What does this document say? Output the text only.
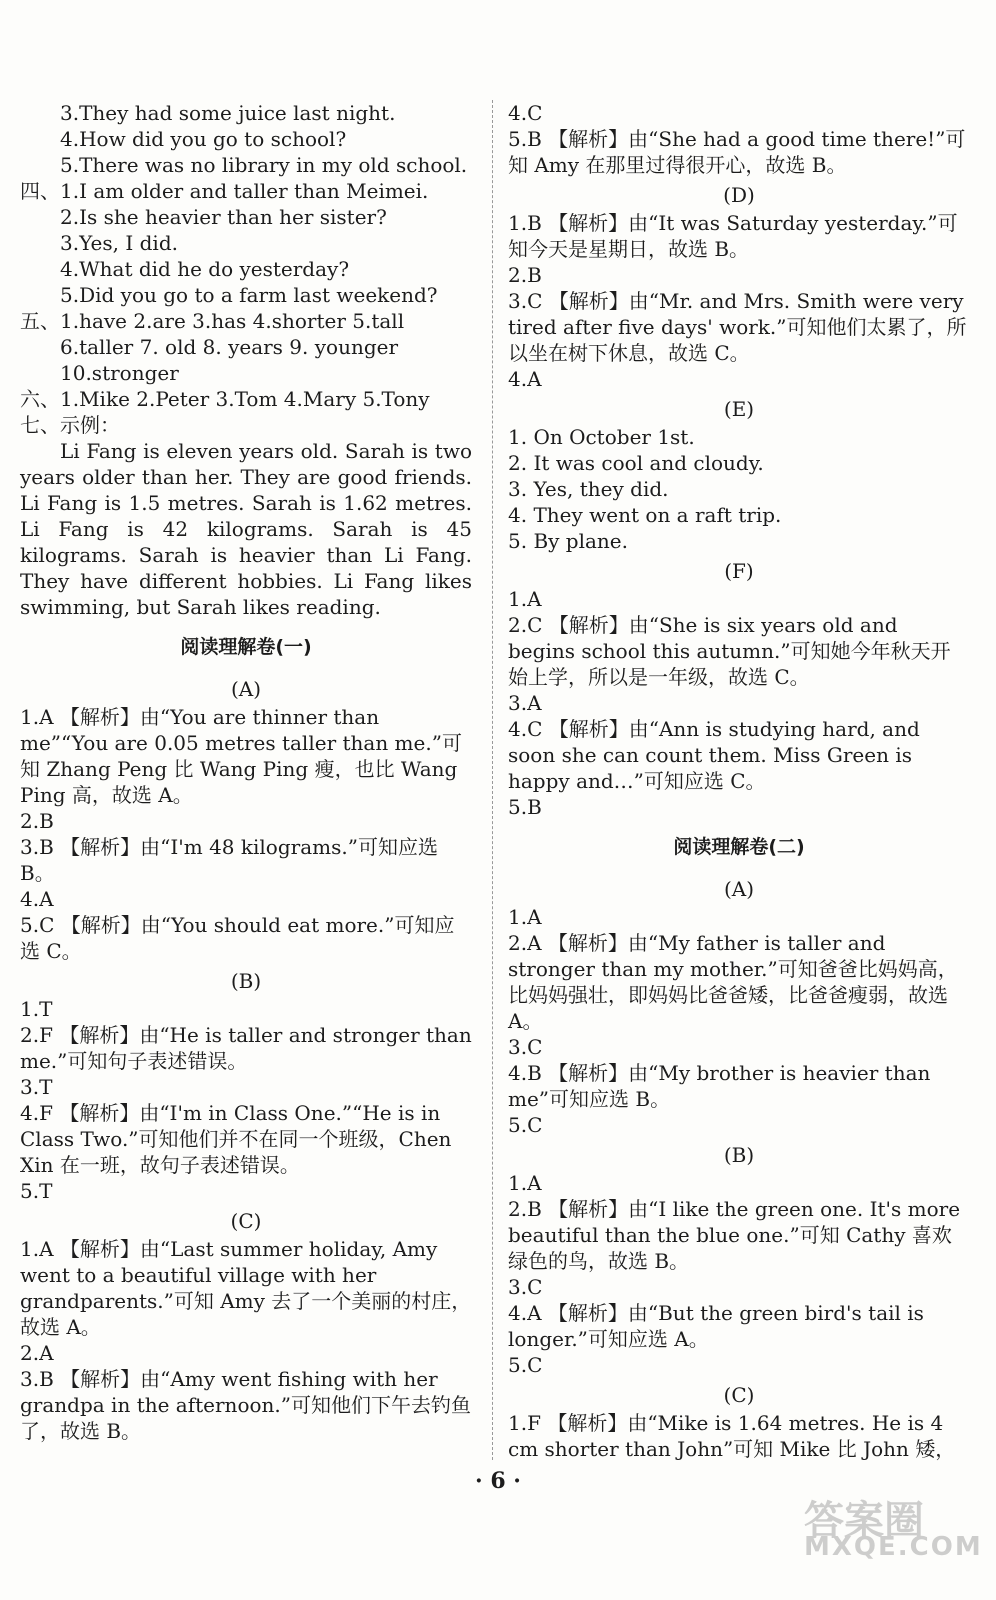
3.They had some juice last night.
4.How did you go to school?
5.There was no library in my old school.
四、1.I am older and taller than Meimei.
2.Is she heavier than her sister?
3.Yes, I did.
4.What did he do yesterday?
5.Did you go to a farm last weekend?
五、1.have 2.are 3.has 4.shorter 5.tall
6.taller 7. old 8. years 9. younger
10.stronger
六、1.Mike 2.Peter 3.Tom 4.Mary 5.Tony
七、示例：

Li Fang is eleven years old. Sarah is two years older than her. They are good friends. Li Fang is 1.5 metres. Sarah is 1.62 metres. Li Fang is 42 kilograms. Sarah is 45 kilograms. Sarah is heavier than Li Fang. They have different hobbies. Li Fang likes swimming, but Sarah likes reading.

阅读理解卷(一)
(A)
1.A 【解析】由“You are thinner than me”“You are 0.05 metres taller than me.”可知 Zhang Peng 比 Wang Ping 瘦，也比 Wang Ping 高，故选 A。
2.B
3.B 【解析】由“I'm 48 kilograms.”可知应选 B。
4.A
5.C 【解析】由“You should eat more.”可知应选 C。
(B)
1.T
2.F 【解析】由“He is taller and stronger than me.”可知句子表述错误。
3.T
4.F 【解析】由“I'm in Class One.”“He is in Class Two.”可知他们并不在同一个班级，Chen Xin 在一班，故句子表述错误。
5.T
(C)
1.A 【解析】由“Last summer holiday, Amy went to a beautiful village with her grandparents.”可知 Amy 去了一个美丽的村庄，故选 A。
2.A
3.B 【解析】由“Amy went fishing with her grandpa in the afternoon.”可知他们下午去钓鱼了，故选 B。
4.C
5.B 【解析】由“She had a good time there!”可知 Amy 在那里过得很开心，故选 B。
(D)
1.B 【解析】由“It was Saturday yesterday.”可知今天是星期日，故选 B。
2.B
3.C 【解析】由“Mr. and Mrs. Smith were very tired after five days' work.”可知他们太累了，所以坐在树下休息，故选 C。
4.A
(E)
1. On October 1st.
2. It was cool and cloudy.
3. Yes, they did.
4. They went on a raft trip.
5. By plane.
(F)
1.A
2.C 【解析】由“She is six years old and begins school this autumn.”可知她今年秋天开始上学，所以是一年级，故选 C。
3.A
4.C 【解析】由“Ann is studying hard, and soon she can count them. Miss Green is happy and…”可知应选 C。
5.B
阅读理解卷(二)
(A)
1.A
2.A 【解析】由“My father is taller and stronger than my mother.”可知爸爸比妈妈高，比妈妈强壮，即妈妈比爸爸矮，比爸爸瘦弱，故选 A。
3.C
4.B 【解析】由“My brother is heavier than me”可知应选 B。
5.C
(B)
1.A
2.B 【解析】由“I like the green one. It's more beautiful than the blue one.”可知 Cathy 喜欢绿色的鸟，故选 B。
3.C
4.A 【解析】由“But the green bird's tail is longer.”可知应选 A。
5.C
(C)
1.F 【解析】由“Mike is 1.64 metres. He is 4 cm shorter than John”可知 Mike 比 John 矮，
· 6 ·
答案圈
MXQE.COM
